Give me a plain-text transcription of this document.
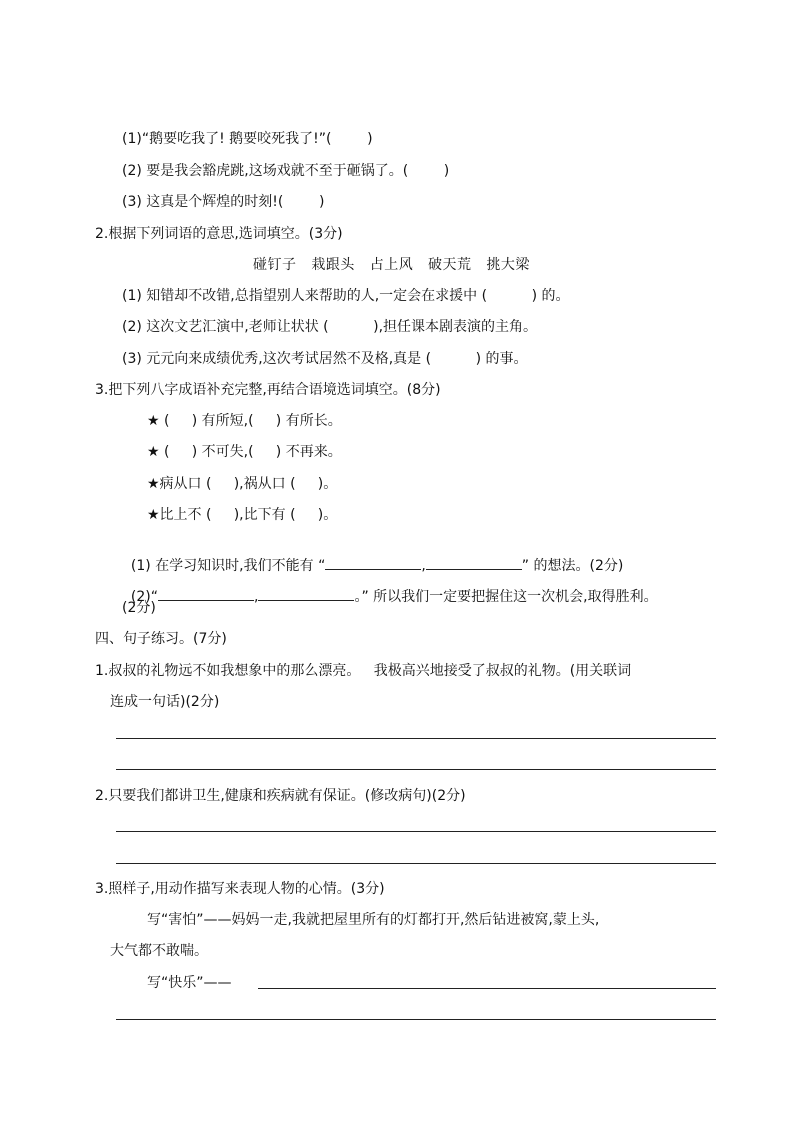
(1)“鹅要吃我了! 鹅要咬死我了!”(        )
(2) 要是我会豁虎跳,这场戏就不至于砸锅了。(        )
(3) 这真是个辉煌的时刻!(        )
2.根据下列词语的意思,选词填空。(3分)
碰钉子   栽跟头   占上风   破天荒   挑大梁
(1) 知错却不改错,总指望别人来帮助的人,一定会在求援中 (          ) 的。
(2) 这次文艺汇演中,老师让状状 (          ),担任课本剧表演的主角。
(3) 元元向来成绩优秀,这次考试居然不及格,真是 (          ) 的事。
3.把下列八字成语补充完整,再结合语境选词填空。(8分)
★ (     ) 有所短,(     ) 有所长。
★ (     ) 不可失,(     ) 不再来。
★病从口 (     ),祸从口 (     )。
★比上不 (     ),比下有 (     )。

(1) 在学习知识时,我们不能有 “	,	” 的想法。(2分)

(2)“	,	。” 所以我们一定要把握住这一次机会,取得胜利。

(2分)
四、句子练习。(7分)
1.叔叔的礼物远不如我想象中的那么漂亮。   我极高兴地接受了叔叔的礼物。(用关联词
连成一句话)(2分)
2.只要我们都讲卫生,健康和疾病就有保证。(修改病句)(2分)
3.照样子,用动作描写来表现人物的心情。(3分)
写“害怕”——妈妈一走,我就把屋里所有的灯都打开,然后钻进被窝,蒙上头,
大气都不敢喘。
写“快乐”——
